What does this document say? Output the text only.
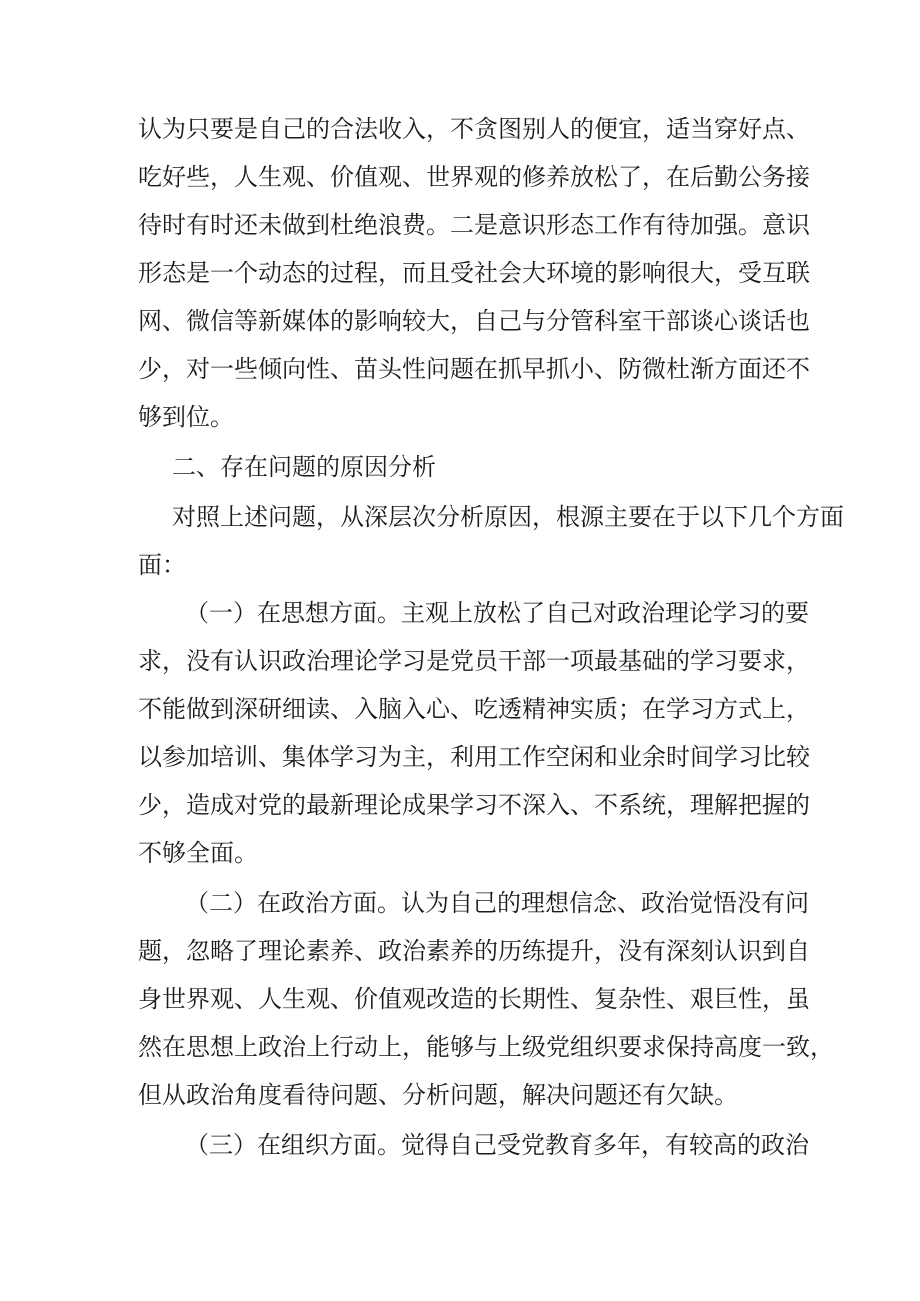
认为只要是自己的合法收入，不贪图别人的便宜，适当穿好点、

吃好些，人生观、价值观、世界观的修养放松了，在后勤公务接

待时有时还未做到杜绝浪费。二是意识形态工作有待加强。意识

形态是一个动态的过程，而且受社会大环境的影响很大，受互联

网、微信等新媒体的影响较大，自己与分管科室干部谈心谈话也

少，对一些倾向性、苗头性问题在抓早抓小、防微杜渐方面还不

够到位。

二、存在问题的原因分析

对照上述问题，从深层次分析原因，根源主要在于以下几个方面

面：

（一）在思想方面。主观上放松了自己对政治理论学习的要

求，没有认识政治理论学习是党员干部一项最基础的学习要求，

不能做到深研细读、入脑入心、吃透精神实质；在学习方式上，

以参加培训、集体学习为主，利用工作空闲和业余时间学习比较

少，造成对党的最新理论成果学习不深入、不系统，理解把握的

不够全面。

（二）在政治方面。认为自己的理想信念、政治觉悟没有问

题，忽略了理论素养、政治素养的历练提升，没有深刻认识到自

身世界观、人生观、价值观改造的长期性、复杂性、艰巨性，虽

然在思想上政治上行动上，能够与上级党组织要求保持高度一致，

但从政治角度看待问题、分析问题，解决问题还有欠缺。

（三）在组织方面。觉得自己受党教育多年，有较高的政治
